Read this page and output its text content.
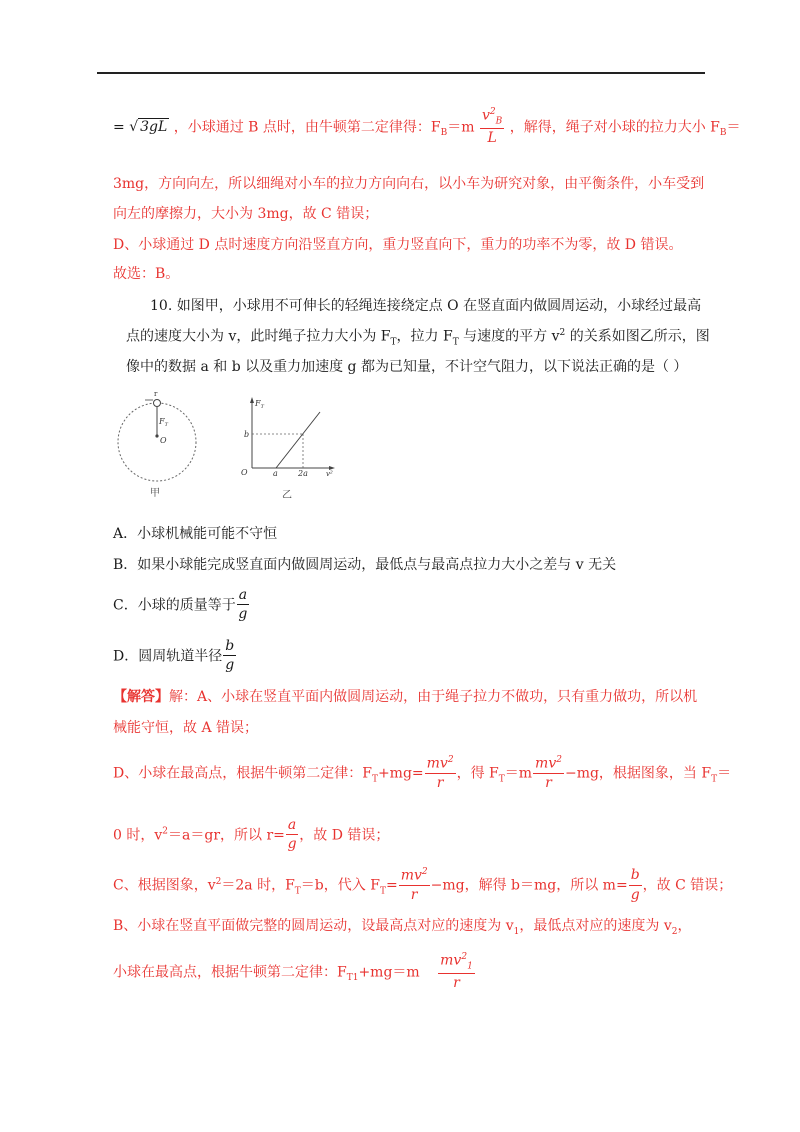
= √ 3gL ，小球通过 B 点时，由牛顿第二定律得：$F_B=m \frac{v^2_B}{L}$ ，解得，绳子对小球的拉力大小 $F_B=$
3mg，方向向左，所以细绳对小车的拉力方向向右，以小车为研究对象，由平衡条件，小车受到
向左的摩擦力，大小为 3mg，故 C 错误；
D、小球通过 D 点时速度方向沿竖直方向，重力竖直向下，重力的功率不为零，故 D 错误。
故选：B。
10. 如图甲，小球用不可伸长的轻绳连接绕定点 O 在竖直面内做圆周运动，小球经过最高
点的速度大小为 v，此时绳子拉力大小为 $F_T$，拉力 $F_T$ 与速度的平方 $v^2$ 的关系如图乙所示，图
像中的数据 a 和 b 以及重力加速度 g 都为已知量，不计空气阻力，以下说法正确的是（ ）
r
$F_T$
O
甲
$F_T$
b
O	a	2a	v²
乙
A．小球机械能可能不守恒
B．如果小球能完成竖直面内做圆周运动，最低点与最高点拉力大小之差与 v 无关
C．小球的质量等于 $\frac{a}{g}$
D．圆周轨道半径 $\frac{b}{g}$
【解答】解：A、小球在竖直平面内做圆周运动，由于绳子拉力不做功，只有重力做功，所以机
械能守恒，故 A 错误；
D、小球在最高点，根据牛顿第二定律：$F_T+mg= \frac{mv^2}{r}$ ，得 $F_T=m \frac{mv^2}{r} -mg$，根据图象，当 $F_T=$
0 时，$v^2=a=gr$，所以 $r= \frac{a}{g}$ ，故 D 错误；
C、根据图象，$v^2=2a$ 时，$F_T=b$，代入 $F_T= \frac{mv^2}{r} -mg$，解得 b＝mg，所以 $m= \frac{b}{g}$ ，故 C 错误；
B、小球在竖直平面做完整的圆周运动，设最高点对应的速度为 $v_1$，最低点对应的速度为 $v_2$，
小球在最高点，根据牛顿第二定律：$F_{T1}+mg=m \frac{mv^2_1}{r}$
